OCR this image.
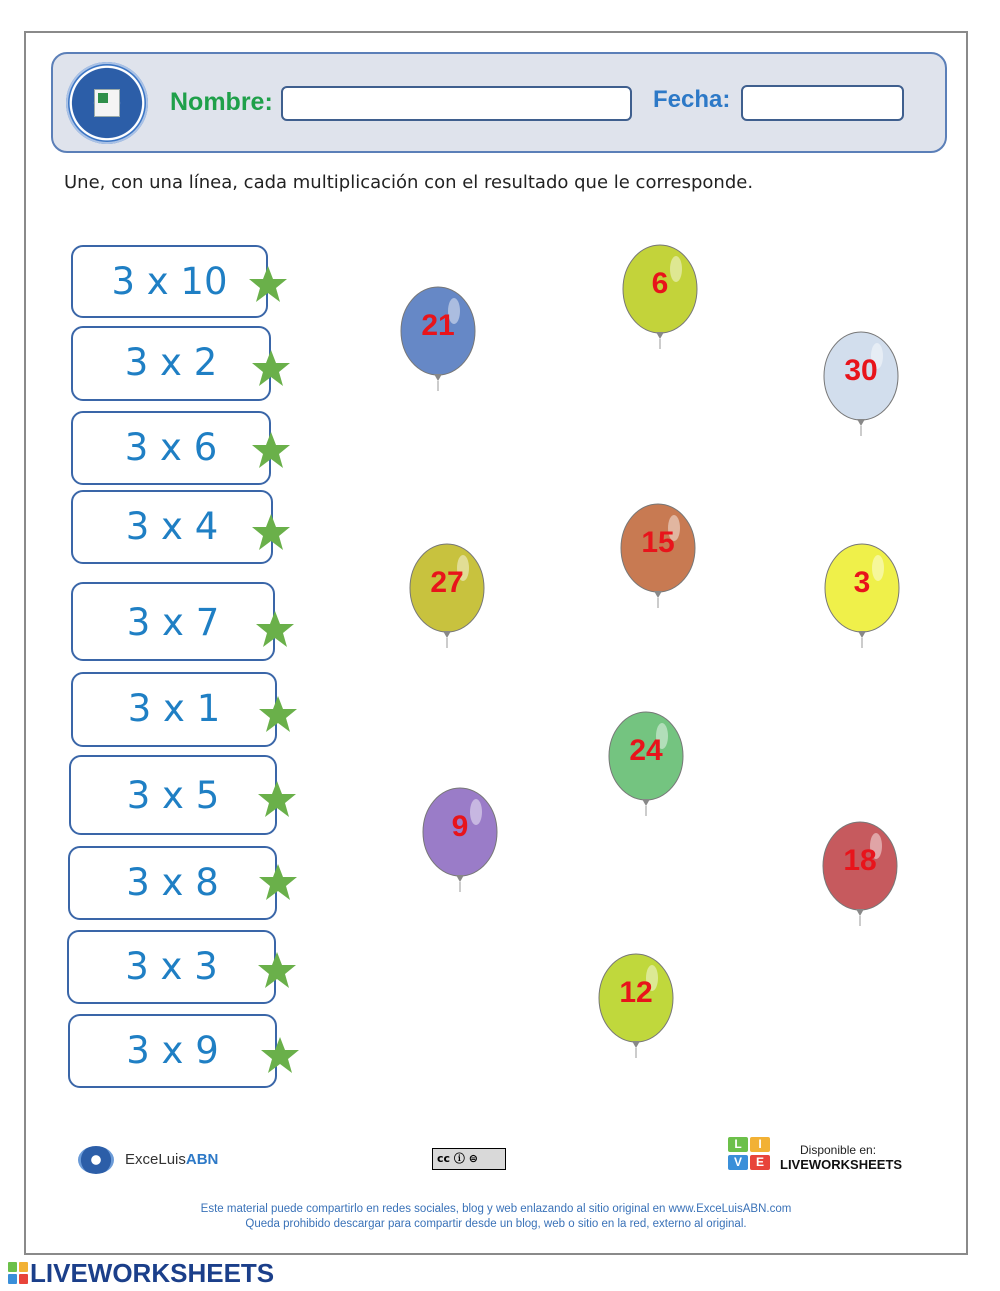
Nombre:	Fecha:
Une, con una línea, cada multiplicación con el resultado que le corresponde.
3 x 10
3 x 2
3 x 6
3 x 4
3 x 7
3 x 1
3 x 5
3 x 8
3 x 3
3 x 9
6
21
30
15
27	3
24
9
18
12
ExceLuisABN	cc ⓘ ⊜
L	I
V	E
Disponible en:
LIVEWORKSHEETS
Este material puede compartirlo en redes sociales, blog y web enlazando al sitio original en www.ExceLuisABN.com
Queda prohibido descargar para compartir desde un blog, web o sitio en la red, externo al original.
LIVEWORKSHEETS
